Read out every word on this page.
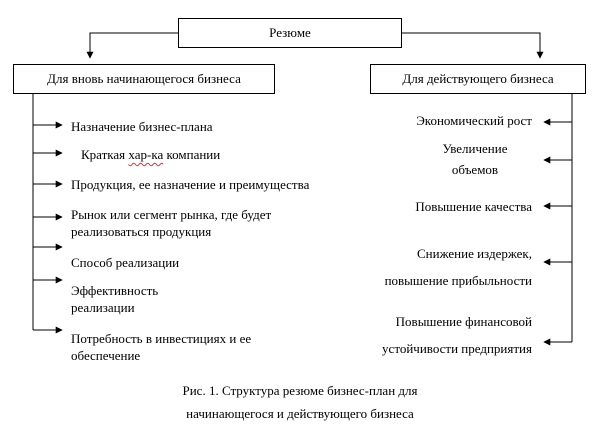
Резюме
Для вновь начинающегося бизнеса	Для действующего бизнеса
Назначение бизнес-плана
Краткая хар-ка компании
Продукция, ее назначение и преимущества
Рынок или сегмент рынка, где будет
реализоваться продукция
Способ реализации
Эффективность
реализации
Потребность в инвестициях и ее
обеспечение
Экономический рост
Увеличение
объемов
Повышение качества
Снижение издержек,
повышение прибыльности
Повышение финансовой
устойчивости предприятия
Рис. 1. Структура резюме бизнес-план для
начинающегося и действующего бизнеса
